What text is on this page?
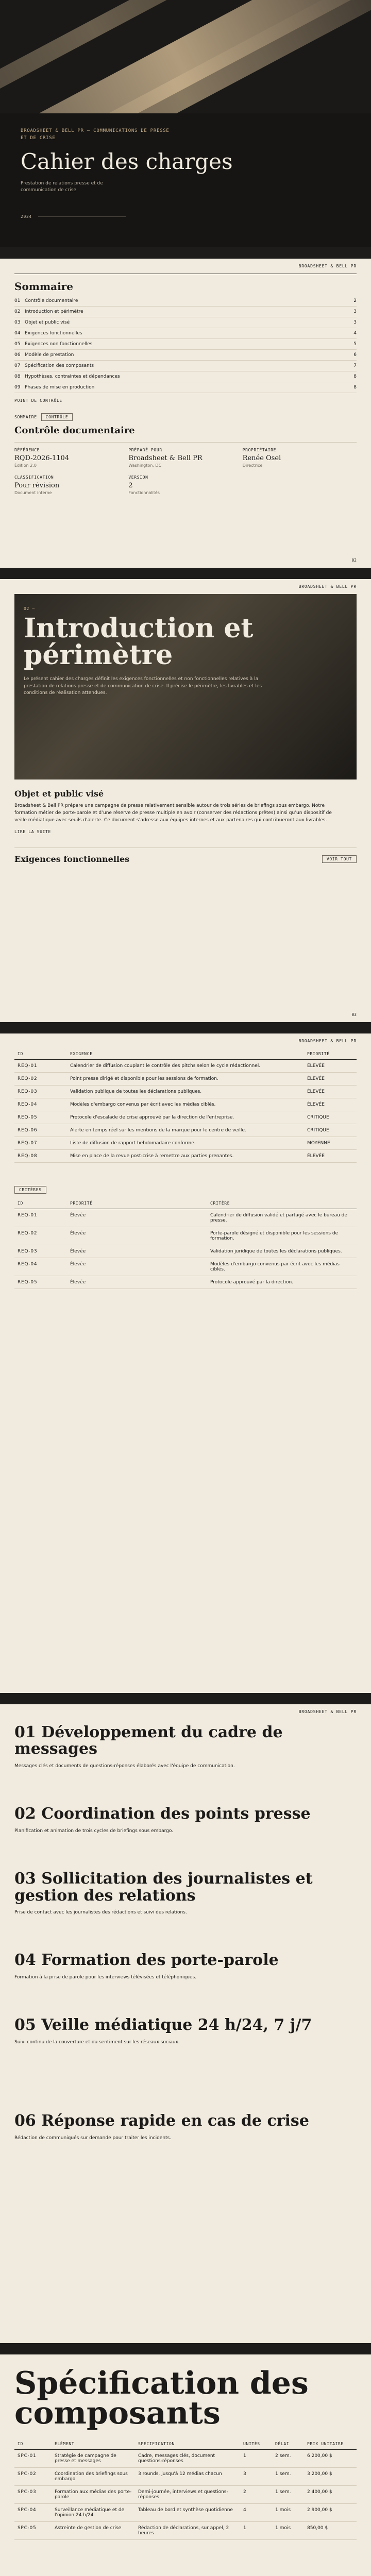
BROADSHEET & BELL PR — COMMUNICATIONS DE PRESSE ET DE CRISE
Cahier des charges
Prestation de relations presse et de communication de crise
2024
BROADSHEET & BELL PR
Sommaire
01 Contrôle documentaire	2
02 Introduction et périmètre	3
03 Objet et public visé	3
04 Exigences fonctionnelles	4
05 Exigences non fonctionnelles	5
06 Modèle de prestation	6
07 Spécification des composants	7
08 Hypothèses, contraintes et dépendances	8
09 Phases de mise en production	8
POINT DE CONTRÔLE
SOMMAIRE	CONTRÔLE
Contrôle documentaire
RÉFÉRENCE
RQD-2026-1104
Édition 2.0
PRÉPARÉ POUR
Broadsheet & Bell PR
Washington, DC
PROPRIÉTAIRE
Renée Osei
Directrice
CLASSIFICATION
Pour révision
Document interne
VERSION
2
Fonctionnalités
02
BROADSHEET & BELL PR
02 —
Introduction et périmètre
Le présent cahier des charges définit les exigences fonctionnelles et non fonctionnelles relatives à la prestation de relations presse et de communication de crise. Il précise le périmètre, les livrables et les conditions de réalisation attendues.
Objet et public visé
Broadsheet & Bell PR prépare une campagne de presse relativement sensible autour de trois séries de briefings sous embargo. Notre formation métier de porte-parole et d’une réserve de presse multiple en avoir (conserver des rédactions prêtes) ainsi qu’un dispositif de veille médiatique avec seuils d’alerte. Ce document s’adresse aux équipes internes et aux partenaires qui contribueront aux livrables.
LIRE LA SUITE
Exigences fonctionnelles	VOIR TOUT
03
BROADSHEET & BELL PR
ID	EXIGENCE	PRIORITÉ
REQ-01	Calendrier de diffusion couplant le contrôle des pitchs selon le cycle rédactionnel.	ÉLEVÉE
REQ-02	Point presse dirigé et disponible pour les sessions de formation.	ÉLEVÉE
REQ-03	Validation publique de toutes les déclarations publiques.	ÉLEVÉE
REQ-04	Modèles d'embargo convenus par écrit avec les médias ciblés.	ÉLEVÉE
REQ-05	Protocole d'escalade de crise approuvé par la direction de l'entreprise.	CRITIQUE
REQ-06	Alerte en temps réel sur les mentions de la marque pour le centre de veille.	CRITIQUE
REQ-07	Liste de diffusion de rapport hebdomadaire conforme.	MOYENNE
REQ-08	Mise en place de la revue post-crise à remettre aux parties prenantes.	ÉLEVÉE
CRITÈRES
ID	PRIORITÉ	CRITÈRE
REQ-01	Élevée	Calendrier de diffusion validé et partagé avec le bureau de presse.
REQ-02	Élevée	Porte-parole désigné et disponible pour les sessions de formation.
REQ-03	Élevée	Validation juridique de toutes les déclarations publiques.
REQ-04	Élevée	Modèles d'embargo convenus par écrit avec les médias ciblés.
REQ-05	Élevée	Protocole approuvé par la direction.
BROADSHEET & BELL PR
01 Développement du cadre de messages
Messages clés et documents de questions-réponses élaborés avec l'équipe de communication.
02 Coordination des points presse
Planification et animation de trois cycles de briefings sous embargo.
03 Sollicitation des journalistes et gestion des relations
Prise de contact avec les journalistes des rédactions et suivi des relations.
04 Formation des porte-parole
Formation à la prise de parole pour les interviews télévisées et téléphoniques.
05 Veille médiatique 24 h/24, 7 j/7
Suivi continu de la couverture et du sentiment sur les réseaux sociaux.
06 Réponse rapide en cas de crise
Rédaction de communiqués sur demande pour traiter les incidents.
Spécification des composants
ID	ÉLÉMENT	SPÉCIFICATION	UNITÉS	DÉLAI	PRIX UNITAIRE
SPC-01	Stratégie de campagne de presse et messages	Cadre, messages clés, document questions-réponses	1	2 sem.	6 200,00 $
SPC-02	Coordination des briefings sous embargo	3 rounds, jusqu'à 12 médias chacun	3	1 sem.	3 200,00 $
SPC-03	Formation aux médias des porte-parole	Demi-journée, interviews et questions-réponses	2	1 sem.	2 400,00 $
SPC-04	Surveillance médiatique et de l'opinion 24 h/24	Tableau de bord et synthèse quotidienne	4	1 mois	2 900,00 $
SPC-05	Astreinte de gestion de crise	Rédaction de déclarations, sur appel, 2 heures	1	1 mois	850,00 $
